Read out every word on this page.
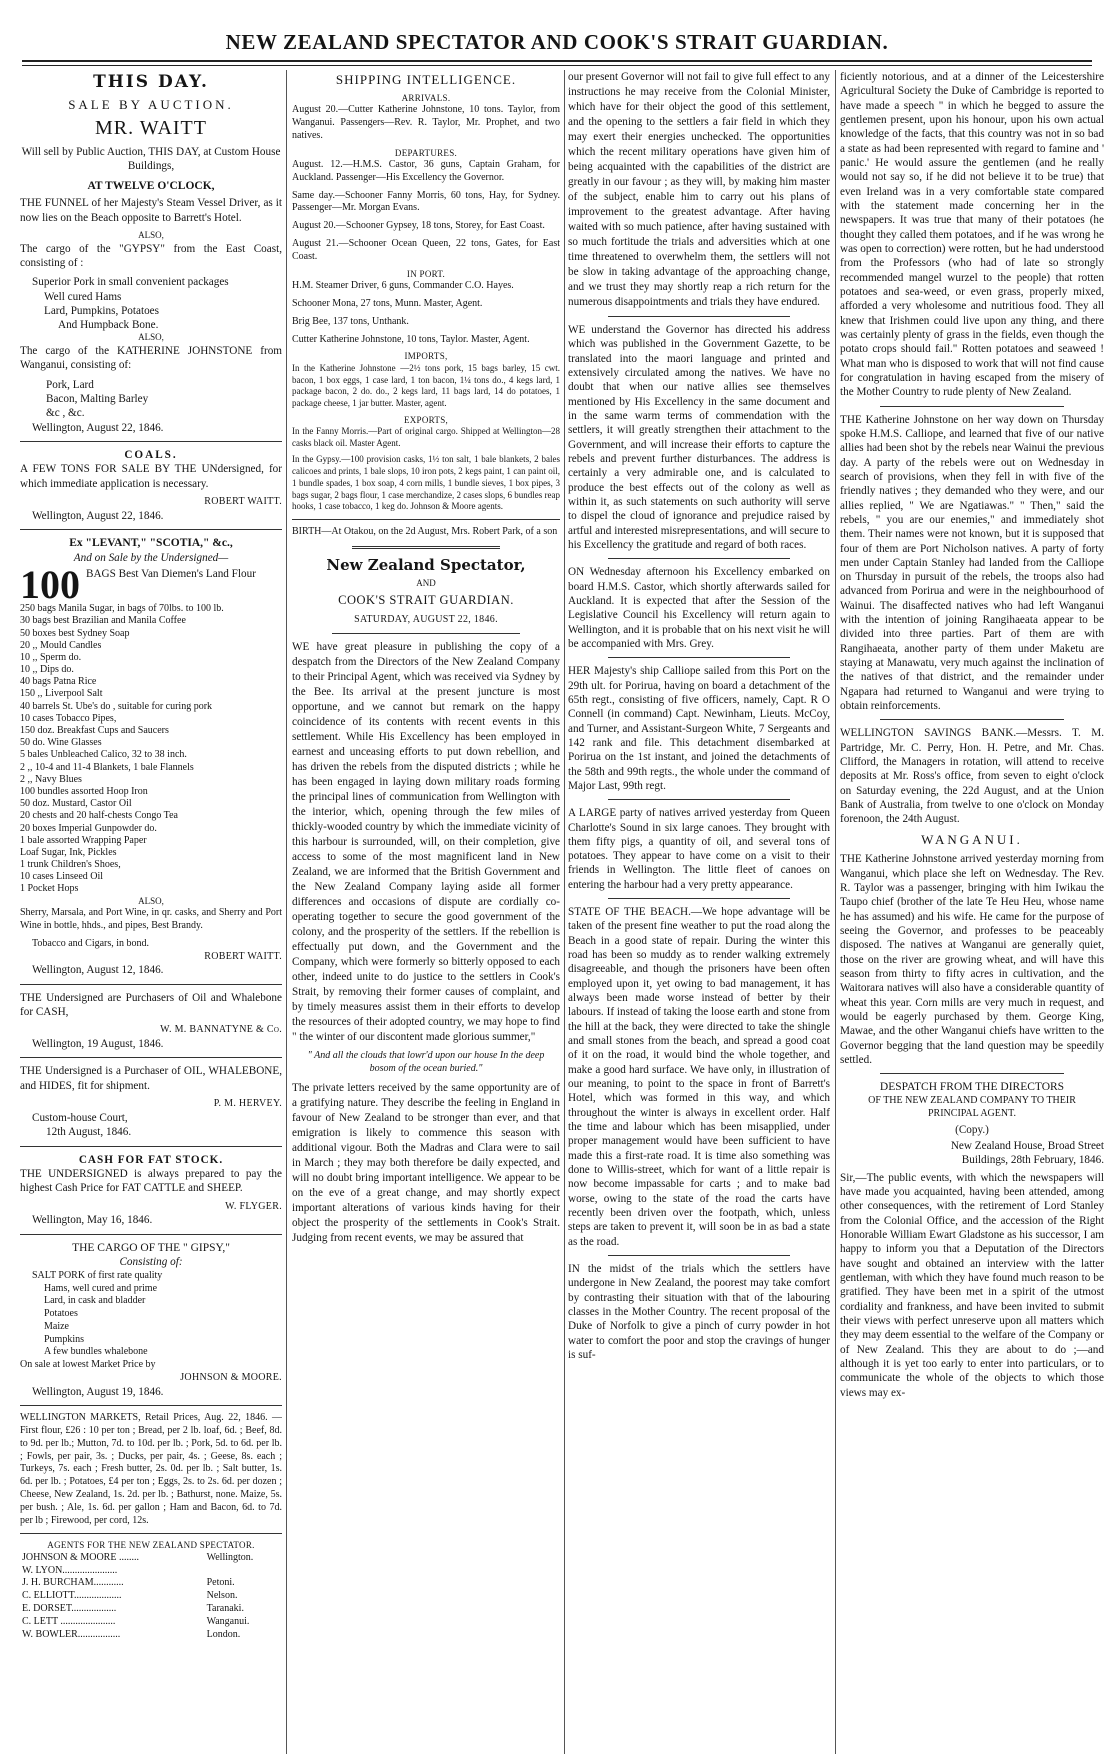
NEW ZEALAND SPECTATOR AND COOK'S STRAIT GUARDIAN.
THIS DAY.
SALE BY AUCTION.
MR. WAITT

Will sell by Public Auction, THIS DAY, at Custom House Buildings,

AT TWELVE O'CLOCK,

THE FUNNEL of her Majesty's Steam Vessel Driver, as it now lies on the Beach opposite to Barrett's Hotel.

ALSO,

The cargo of the "GYPSY" from the East Coast, consisting of :

Superior Pork in small convenient packages
Well cured Hams
Lard, Pumpkins, Potatoes
And Humpback Bone.
ALSO,

The cargo of the KATHERINE JOHNSTONE from Wanganui, consisting of:

Pork, Lard
Bacon, Malting Barley
&c , &c.
Wellington, August 22, 1846.
COALS.

A FEW TONS FOR SALE BY THE UNdersigned, for which immediate application is necessary.

ROBERT WAITT.
Wellington, August 22, 1846.
Ex "LEVANT," "SCOTIA," &c.,
And on Sale by the Undersigned—
100 BAGS Best Van Diemen's Land Flour
250 bags Manila Sugar, in bags of 70lbs. to 100 lb.
30 bags best Brazilian and Manila Coffee
50 boxes best Sydney Soap
20 ,, Mould Candles
10 ,, Sperm do.
10 ,, Dips do.
40 bags Patna Rice
150 ,, Liverpool Salt
40 barrels St. Ube's do , suitable for curing pork
10 cases Tobacco Pipes,
150 doz. Breakfast Cups and Saucers
50 do. Wine Glasses
5 bales Unbleached Calico, 32 to 38 inch.
2 ,, 10-4 and 11-4 Blankets, 1 bale Flannels
2 ,, Navy Blues
100 bundles assorted Hoop Iron
50 doz. Mustard, Castor Oil
20 chests and 20 half-chests Congo Tea
20 boxes Imperial Gunpowder do.
1 bale assorted Wrapping Paper
Loaf Sugar, Ink, Pickles
1 trunk Children's Shoes,
10 cases Linseed Oil
1 Pocket Hops
ALSO,

Sherry, Marsala, and Port Wine, in qr. casks, and Sherry and Port Wine in bottle, hhds., and pipes, Best Brandy.

Tobacco and Cigars, in bond.
ROBERT WAITT.
Wellington, August 12, 1846.

THE Undersigned are Purchasers of Oil and Whalebone for CASH,

W. M. BANNATYNE & Co.
Wellington, 19 August, 1846.

THE Undersigned is a Purchaser of OIL, WHALEBONE, and HIDES, fit for shipment.

P. M. HERVEY.
Custom-house Court,
12th August, 1846.
CASH FOR FAT STOCK.

THE UNDERSIGNED is always prepared to pay the highest Cash Price for FAT CATTLE and SHEEP.

W. FLYGER.
Wellington, May 16, 1846.
THE CARGO OF THE " GIPSY,"
Consisting of:
SALT PORK of first rate quality
Hams, well cured and prime
Lard, in cask and bladder
Potatoes
Maize
Pumpkins
A few bundles whalebone
On sale at lowest Market Price by
JOHNSON & MOORE.
Wellington, August 19, 1846.

WELLINGTON MARKETS, Retail Prices, Aug. 22, 1846. — First flour, £26 : 10 per ton ; Bread, per 2 lb. loaf, 6d. ; Beef, 8d. to 9d. per lb.; Mutton, 7d. to 10d. per lb. ; Pork, 5d. to 6d. per lb. ; Fowls, per pair, 3s. ; Ducks, per pair, 4s. ; Geese, 8s. each ; Turkeys, 7s. each ; Fresh butter, 2s. 0d. per lb. ; Salt butter, 1s. 6d. per lb. ; Potatoes, £4 per ton ; Eggs, 2s. to 2s. 6d. per dozen ; Cheese, New Zealand, 1s. 2d. per lb. ; Bathurst, none. Maize, 5s. per bush. ; Ale, 1s. 6d. per gallon ; Ham and Bacon, 6d. to 7d. per lb ; Firewood, per cord, 12s.

AGENTS FOR THE NEW ZEALAND SPECTATOR.
JOHNSON & MOORE ........	Wellington.
W. LYON......................	
J. H. BURCHAM............	Petoni.
C. ELLIOTT...................	Nelson.
E. DORSET..................	Taranaki.
C. LETT ......................	Wanganui.
W. BOWLER.................	London.
SHIPPING INTELLIGENCE.
ARRIVALS.

August 20.—Cutter Katherine Johnstone, 10 tons. Taylor, from Wanganui. Passengers—Rev. R. Taylor, Mr. Prophet, and two natives.

DEPARTURES.

August. 12.—H.M.S. Castor, 36 guns, Captain Graham, for Auckland. Passenger—His Excellency the Governor.

Same day.—Schooner Fanny Morris, 60 tons, Hay, for Sydney. Passenger—Mr. Morgan Evans.

August 20.—Schooner Gypsey, 18 tons, Storey, for East Coast.

August 21.—Schooner Ocean Queen, 22 tons, Gates, for East Coast.

IN PORT.

H.M. Steamer Driver, 6 guns, Commander C.O. Hayes.

Schooner Mona, 27 tons, Munn. Master, Agent.

Brig Bee, 137 tons, Unthank.

Cutter Katherine Johnstone, 10 tons, Taylor. Master, Agent.

IMPORTS,

In the Katherine Johnstone —2½ tons pork, 15 bags barley, 15 cwt. bacon, 1 box eggs, 1 case lard, 1 ton bacon, 1¼ tons do., 4 kegs lard, 1 package bacon, 2 do. do., 2 kegs lard, 11 bags lard, 14 do potatoes, 1 package cheese, 1 jar butter. Master, agent.

EXPORTS,

In the Fanny Morris.—Part of original cargo. Shipped at Wellington—28 casks black oil. Master Agent.

In the Gypsy.—100 provision casks, 1½ ton salt, 1 bale blankets, 2 bales calicoes and prints, 1 bale slops, 10 iron pots, 2 kegs paint, 1 can paint oil, 1 bundle spades, 1 box soap, 4 corn mills, 1 bundle sieves, 1 box pipes, 3 bags sugar, 2 bags flour, 1 case merchandize, 2 cases slops, 6 bundles reap hooks, 1 case tobacco, 1 keg do. Johnson & Moore agents.

BIRTH—At Otakou, on the 2d August, Mrs. Robert Park, of a son

New Zealand Spectator,
AND
COOK'S STRAIT GUARDIAN.
SATURDAY, AUGUST 22, 1846.

WE have great pleasure in publishing the copy of a despatch from the Directors of the New Zealand Company to their Principal Agent, which was received via Sydney by the Bee. Its arrival at the present juncture is most opportune, and we cannot but remark on the happy coincidence of its contents with recent events in this settlement. While His Excellency has been employed in earnest and unceasing efforts to put down rebellion, and has driven the rebels from the disputed districts ; while he has been engaged in laying down military roads forming the principal lines of communication from Wellington with the interior, which, opening through the few miles of thickly-wooded country by which the immediate vicinity of this harbour is surrounded, will, on their completion, give access to some of the most magnificent land in New Zealand, we are informed that the British Government and the New Zealand Company laying aside all former differences and occasions of dispute are cordially co-operating together to secure the good government of the colony, and the prosperity of the settlers. If the rebellion is effectually put down, and the Government and the Company, which were formerly so bitterly opposed to each other, indeed unite to do justice to the settlers in Cook's Strait, by removing their former causes of complaint, and by timely measures assist them in their efforts to develop the resources of their adopted country, we may hope to find " the winter of our discontent made glorious summer,"

" And all the clouds that lowr'd upon our house In the deep bosom of the ocean buried."

The private letters received by the same opportunity are of a gratifying nature. They describe the feeling in England in favour of New Zealand to be stronger than ever, and that emigration is likely to commence this season with additional vigour. Both the Madras and Clara were to sail in March ; they may both therefore be daily expected, and will no doubt bring important intelligence. We appear to be on the eve of a great change, and may shortly expect important alterations of various kinds having for their object the prosperity of the settlements in Cook's Strait. Judging from recent events, we may be assured that

our present Governor will not fail to give full effect to any instructions he may receive from the Colonial Minister, which have for their object the good of this settlement, and the opening to the settlers a fair field in which they may exert their energies unchecked. The opportunities which the recent military operations have given him of being acquainted with the capabilities of the district are greatly in our favour ; as they will, by making him master of the subject, enable him to carry out his plans of improvement to the greatest advantage. After having waited with so much patience, after having sustained with so much fortitude the trials and adversities which at one time threatened to overwhelm them, the settlers will not be slow in taking advantage of the approaching change, and we trust they may shortly reap a rich return for the numerous disappointments and trials they have endured.

WE understand the Governor has directed his address which was published in the Government Gazette, to be translated into the maori language and printed and extensively circulated among the natives. We have no doubt that when our native allies see themselves mentioned by His Excellency in the same document and in the same warm terms of commendation with the settlers, it will greatly strengthen their attachment to the Government, and will increase their efforts to capture the rebels and prevent further disturbances. The address is certainly a very admirable one, and is calculated to produce the best effects out of the colony as well as within it, as such statements on such authority will serve to dispel the cloud of ignorance and prejudice raised by artful and interested misrepresentations, and will secure to his Excellency the gratitude and regard of both races.

ON Wednesday afternoon his Excellency embarked on board H.M.S. Castor, which shortly afterwards sailed for Auckland. It is expected that after the Session of the Legislative Council his Excellency will return again to Wellington, and it is probable that on his next visit he will be accompanied with Mrs. Grey.

HER Majesty's ship Calliope sailed from this Port on the 29th ult. for Porirua, having on board a detachment of the 65th regt., consisting of five officers, namely, Capt. R O Connell (in command) Capt. Newinham, Lieuts. McCoy, and Turner, and Assistant-Surgeon White, 7 Sergeants and 142 rank and file. This detachment disembarked at Porirua on the 1st instant, and joined the detachments of the 58th and 99th regts., the whole under the command of Major Last, 99th regt.

A LARGE party of natives arrived yesterday from Queen Charlotte's Sound in six large canoes. They brought with them fifty pigs, a quantity of oil, and several tons of potatoes. They appear to have come on a visit to their friends in Wellington. The little fleet of canoes on entering the harbour had a very pretty appearance.

STATE OF THE BEACH.—We hope advantage will be taken of the present fine weather to put the road along the Beach in a good state of repair. During the winter this road has been so muddy as to render walking extremely disagreeable, and though the prisoners have been often employed upon it, yet owing to bad management, it has always been made worse instead of better by their labours. If instead of taking the loose earth and stone from the hill at the back, they were directed to take the shingle and small stones from the beach, and spread a good coat of it on the road, it would bind the whole together, and make a good hard surface. We have only, in illustration of our meaning, to point to the space in front of Barrett's Hotel, which was formed in this way, and which throughout the winter is always in excellent order. Half the time and labour which has been misapplied, under proper management would have been sufficient to have made this a first-rate road. It is time also something was done to Willis-street, which for want of a little repair is now become impassable for carts ; and to make bad worse, owing to the state of the road the carts have recently been driven over the footpath, which, unless steps are taken to prevent it, will soon be in as bad a state as the road.

IN the midst of the trials which the settlers have undergone in New Zealand, the poorest may take comfort by contrasting their situation with that of the labouring classes in the Mother Country. The recent proposal of the Duke of Norfolk to give a pinch of curry powder in hot water to comfort the poor and stop the cravings of hunger is suf-

ficiently notorious, and at a dinner of the Leicestershire Agricultural Society the Duke of Cambridge is reported to have made a speech " in which he begged to assure the gentlemen present, upon his honour, upon his own actual knowledge of the facts, that this country was not in so bad a state as had been represented with regard to famine and ' panic.' He would assure the gentlemen (and he really would not say so, if he did not believe it to be true) that even Ireland was in a very comfortable state compared with the statement made concerning her in the newspapers. It was true that many of their potatoes (he thought they called them potatoes, and if he was wrong he was open to correction) were rotten, but he had understood from the Professors (who had of late so strongly recommended mangel wurzel to the people) that rotten potatoes and sea-weed, or even grass, properly mixed, afforded a very wholesome and nutritious food. They all knew that Irishmen could live upon any thing, and there was certainly plenty of grass in the fields, even though the potato crops should fail." Rotten potatoes and seaweed ! What man who is disposed to work that will not find cause for congratulation in having escaped from the misery of the Mother Country to rude plenty of New Zealand.

THE Katherine Johnstone on her way down on Thursday spoke H.M.S. Calliope, and learned that five of our native allies had been shot by the rebels near Wainui the previous day. A party of the rebels were out on Wednesday in search of provisions, when they fell in with five of the friendly natives ; they demanded who they were, and our allies replied, " We are Ngatiawas." " Then," said the rebels, " you are our enemies," and immediately shot them. Their names were not known, but it is supposed that four of them are Port Nicholson natives. A party of forty men under Captain Stanley had landed from the Calliope on Thursday in pursuit of the rebels, the troops also had advanced from Porirua and were in the neighbourhood of Wainui. The disaffected natives who had left Wanganui with the intention of joining Rangihaeata appear to be divided into three parties. Part of them are with Rangihaeata, another party of them under Maketu are staying at Manawatu, very much against the inclination of the natives of that district, and the remainder under Ngapara had returned to Wanganui and were trying to obtain reinforcements.

WELLINGTON SAVINGS BANK.—Messrs. T. M. Partridge, Mr. C. Perry, Hon. H. Petre, and Mr. Chas. Clifford, the Managers in rotation, will attend to receive deposits at Mr. Ross's office, from seven to eight o'clock on Saturday evening, the 22d August, and at the Union Bank of Australia, from twelve to one o'clock on Monday forenoon, the 24th August.

WANGANUI.

THE Katherine Johnstone arrived yesterday morning from Wanganui, which place she left on Wednesday. The Rev. R. Taylor was a passenger, bringing with him Iwikau the Taupo chief (brother of the late Te Heu Heu, whose name he has assumed) and his wife. He came for the purpose of seeing the Governor, and professes to be peaceably disposed. The natives at Wanganui are generally quiet, those on the river are growing wheat, and will have this season from thirty to fifty acres in cultivation, and the Waitorara natives will also have a considerable quantity of wheat this year. Corn mills are very much in request, and would be eagerly purchased by them. George King, Mawae, and the other Wanganui chiefs have written to the Governor begging that the land question may be speedily settled.

DESPATCH FROM THE DIRECTORS
OF THE NEW ZEALAND COMPANY TO THEIR PRINCIPAL AGENT.
(Copy.)
New Zealand House, Broad Street
Buildings, 28th February, 1846.

Sir,—The public events, with which the newspapers will have made you acquainted, having been attended, among other consequences, with the retirement of Lord Stanley from the Colonial Office, and the accession of the Right Honorable William Ewart Gladstone as his successor, I am happy to inform you that a Deputation of the Directors have sought and obtained an interview with the latter gentleman, with which they have found much reason to be gratified. They have been met in a spirit of the utmost cordiality and frankness, and have been invited to submit their views with perfect unreserve upon all matters which they may deem essential to the welfare of the Company or of New Zealand. This they are about to do ;—and although it is yet too early to enter into particulars, or to communicate the whole of the objects to which those views may ex-
